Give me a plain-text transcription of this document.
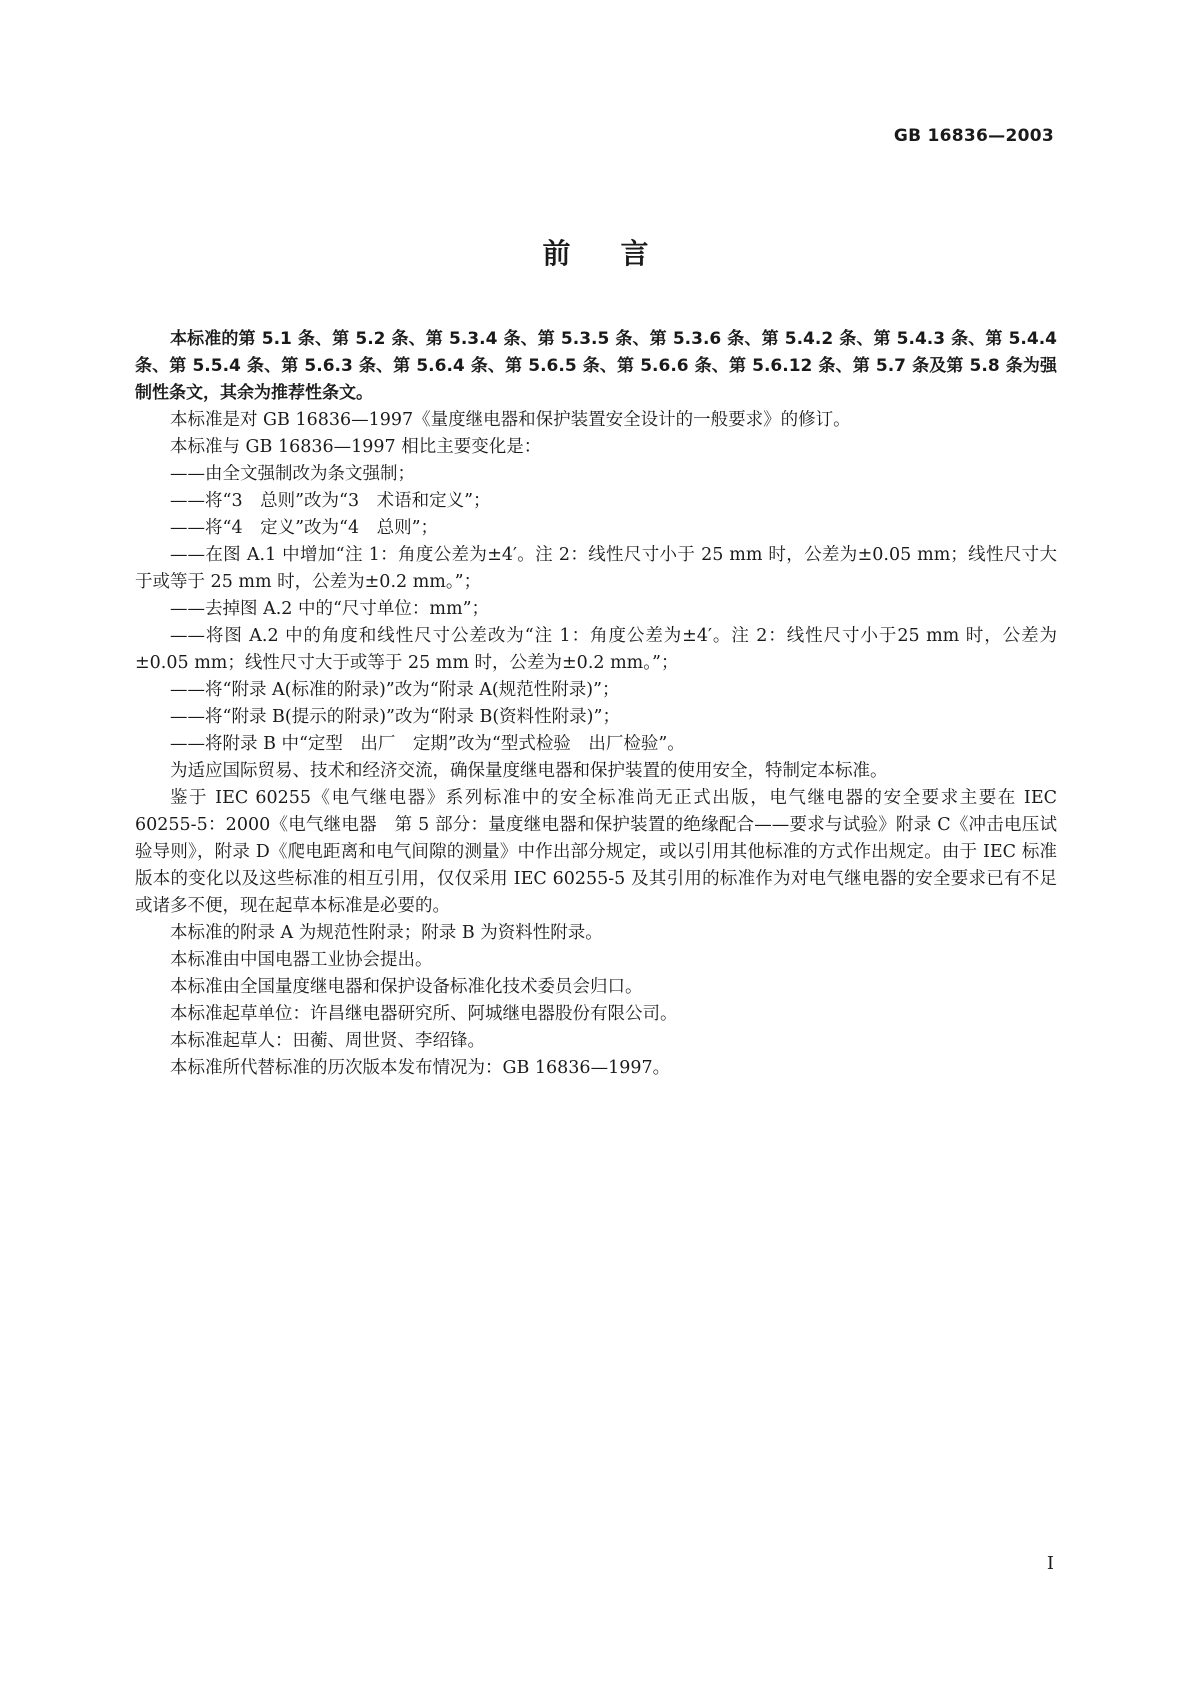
GB 16836—2003
前言

本标准的第 5.1 条、第 5.2 条、第 5.3.4 条、第 5.3.5 条、第 5.3.6 条、第 5.4.2 条、第 5.4.3 条、第 5.4.4 条、第 5.5.4 条、第 5.6.3 条、第 5.6.4 条、第 5.6.5 条、第 5.6.6 条、第 5.6.12 条、第 5.7 条及第 5.8 条为强制性条文，其余为推荐性条文。

本标准是对 GB 16836—1997《量度继电器和保护装置安全设计的一般要求》的修订。

本标准与 GB 16836—1997 相比主要变化是：

——由全文强制改为条文强制；

——将“3　总则”改为“3　术语和定义”；

——将“4　定义”改为“4　总则”；

——在图 A.1 中增加“注 1：角度公差为±4′。注 2：线性尺寸小于 25 mm 时，公差为±0.05 mm；线性尺寸大于或等于 25 mm 时，公差为±0.2 mm。”；

——去掉图 A.2 中的“尺寸单位：mm”；

——将图 A.2 中的角度和线性尺寸公差改为“注 1：角度公差为±4′。注 2：线性尺寸小于25 mm 时，公差为±0.05 mm；线性尺寸大于或等于 25 mm 时，公差为±0.2 mm。”；

——将“附录 A(标准的附录)”改为“附录 A(规范性附录)”；

——将“附录 B(提示的附录)”改为“附录 B(资料性附录)”；

——将附录 B 中“定型　出厂　定期”改为“型式检验　出厂检验”。

为适应国际贸易、技术和经济交流，确保量度继电器和保护装置的使用安全，特制定本标准。

鉴于 IEC 60255《电气继电器》系列标准中的安全标准尚无正式出版，电气继电器的安全要求主要在 IEC 60255-5：2000《电气继电器　第 5 部分：量度继电器和保护装置的绝缘配合——要求与试验》附录 C《冲击电压试验导则》，附录 D《爬电距离和电气间隙的测量》中作出部分规定，或以引用其他标准的方式作出规定。由于 IEC 标准版本的变化以及这些标准的相互引用，仅仅采用 IEC 60255-5 及其引用的标准作为对电气继电器的安全要求已有不足或诸多不便，现在起草本标准是必要的。

本标准的附录 A 为规范性附录；附录 B 为资料性附录。

本标准由中国电器工业协会提出。

本标准由全国量度继电器和保护设备标准化技术委员会归口。

本标准起草单位：许昌继电器研究所、阿城继电器股份有限公司。

本标准起草人：田蘅、周世贤、李绍锋。

本标准所代替标准的历次版本发布情况为：GB 16836—1997。

I
